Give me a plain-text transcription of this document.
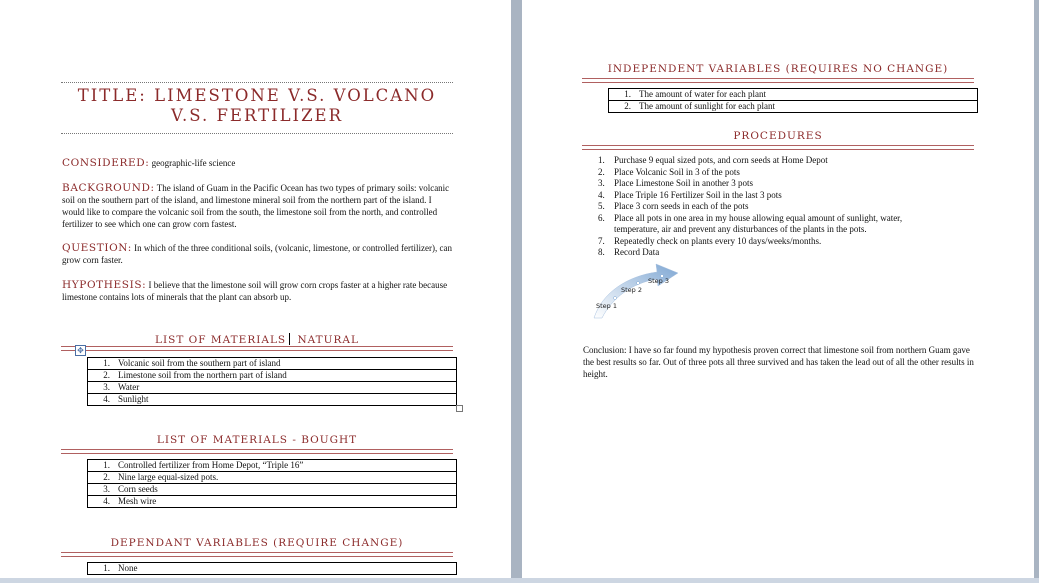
TITLE: LIMESTONE V.S. VOLCANO V.S. FERTILIZER
CONSIDERED: geographic-life science
BACKGROUND: The island of Guam in the Pacific Ocean has two types of primary soils: volcanic soil on the southern part of the island, and limestone mineral soil from the northern part of the island. I would like to compare the volcanic soil from the south, the limestone soil from the north, and controlled fertilizer to see which one can grow corn fastest.
QUESTION: In which of the three conditional soils, (volcanic, limestone, or controlled fertilizer), can grow corn faster.
HYPOTHESIS: I believe that the limestone soil will grow corn crops faster at a higher rate because limestone contains lots of minerals that the plant can absorb up.
LIST OF MATERIALS NATURAL
✥
1. Volcanic soil from the southern part of island
2. Limestone soil from the northern part of island
3. Water
4. Sunlight
LIST OF MATERIALS - BOUGHT
1. Controlled fertilizer from Home Depot, “Triple 16”
2. Nine large equal-sized pots.
3. Corn seeds
4. Mesh wire
DEPENDANT VARIABLES (REQUIRE CHANGE)
1. None
INDEPENDENT VARIABLES (REQUIRES NO CHANGE)
1. The amount of water for each plant
2. The amount of sunlight for each plant
PROCEDURES
1. Purchase 9 equal sized pots, and corn seeds at Home Depot
2. Place Volcanic Soil in 3 of the pots
3. Place Limestone Soil in another 3 pots
4. Place Triple 16 Fertilizer Soil in the last 3 pots
5. Place 3 corn seeds in each of the pots
6. Place all pots in one area in my house allowing equal amount of sunlight, water, temperature, air and prevent any disturbances of the plants in the pots.
7. Repeatedly check on plants every 10 days/weeks/months.
8. Record Data
Step 1
Step 2
Step 3
Conclusion: I have so far found my hypothesis proven correct that limestone soil from northern Guam gave the best results so far. Out of three pots all three survived and has taken the lead out of all the other results in height.
